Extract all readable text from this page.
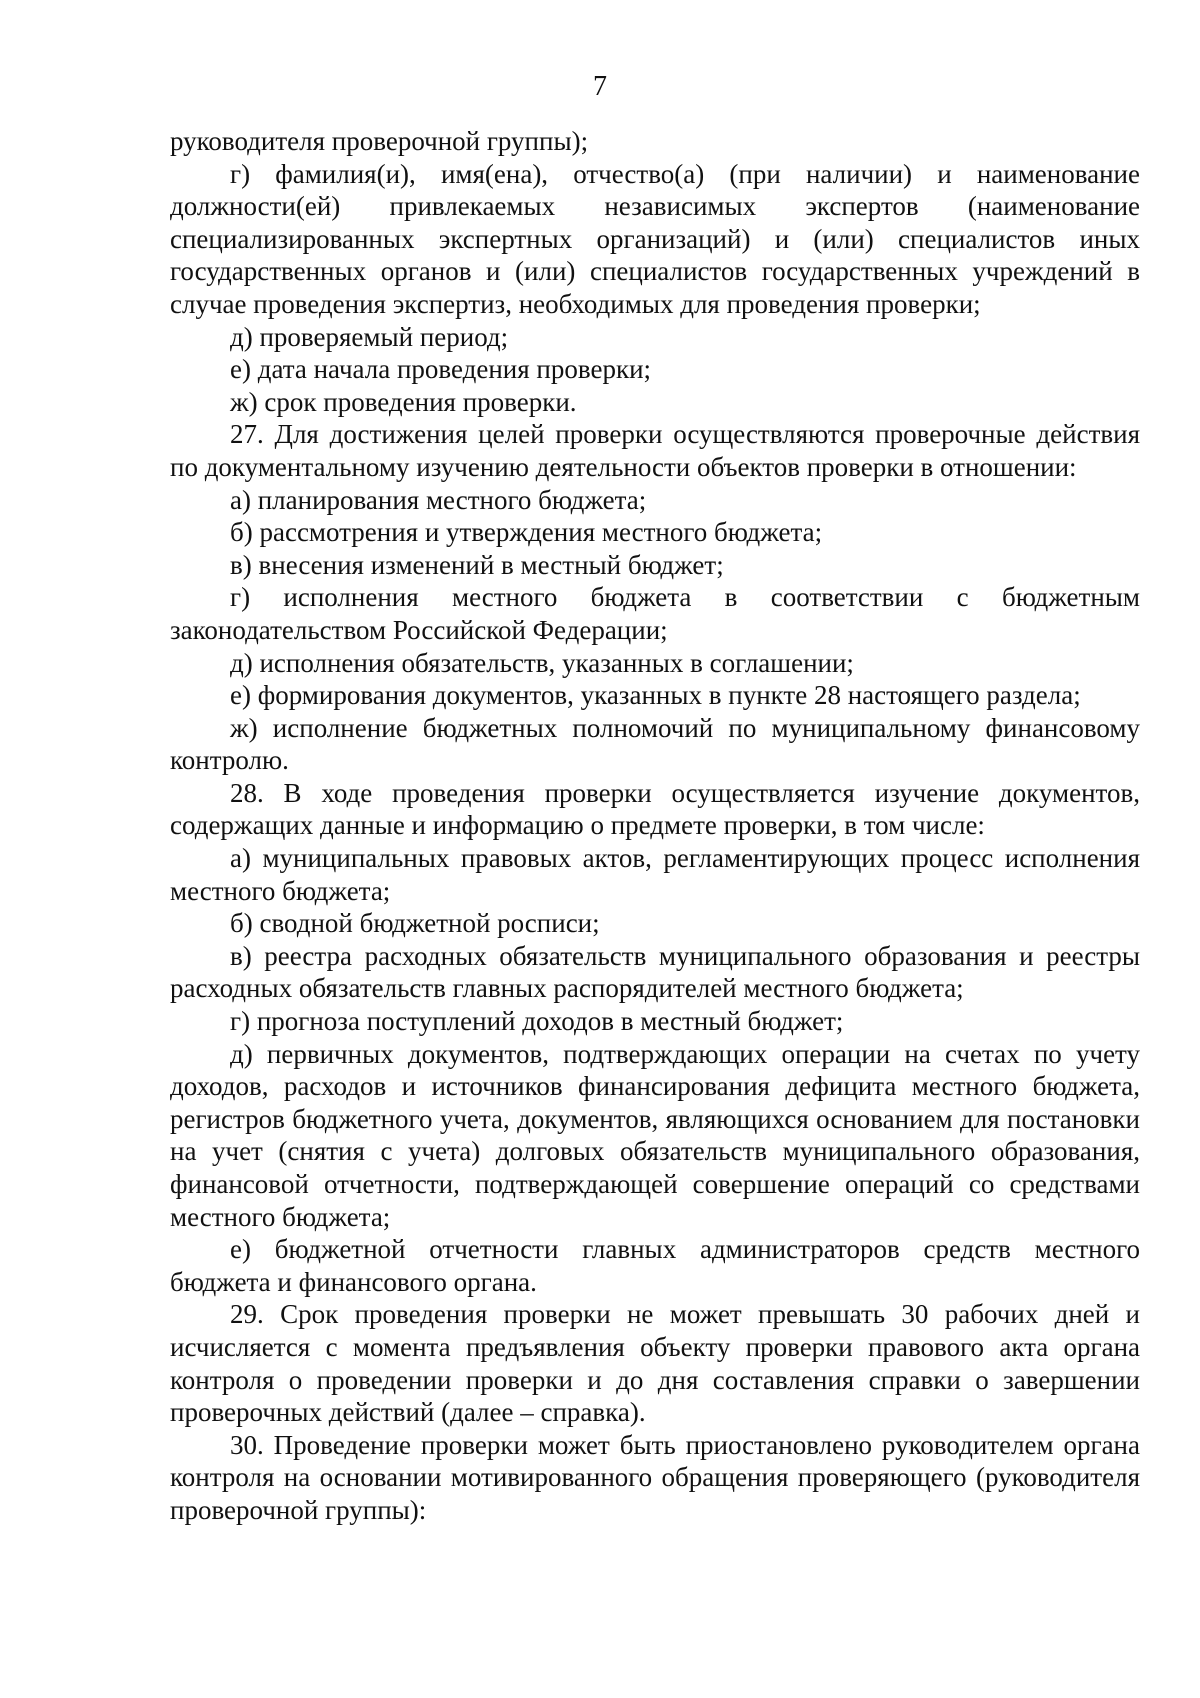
7

руководителя проверочной группы);

г) фамилия(и), имя(ена), отчество(а) (при наличии) и наименование должности(ей) привлекаемых независимых экспертов (наименование специализированных экспертных организаций) и (или) специалистов иных государственных органов и (или) специалистов государственных учреждений в случае проведения экспертиз, необходимых для проведения проверки;

д) проверяемый период;

е) дата начала проведения проверки;

ж) срок проведения проверки.

27. Для достижения целей проверки осуществляются проверочные действия по документальному изучению деятельности объектов проверки в отношении:

а) планирования местного бюджета;

б) рассмотрения и утверждения местного бюджета;

в) внесения изменений в местный бюджет;

г) исполнения местного бюджета в соответствии с бюджетным законодательством Российской Федерации;

д) исполнения обязательств, указанных в соглашении;

е) формирования документов, указанных в пункте 28 настоящего раздела;

ж) исполнение бюджетных полномочий по муниципальному финансовому контролю.

28. В ходе проведения проверки осуществляется изучение документов, содержащих данные и информацию о предмете проверки, в том числе:

а) муниципальных правовых актов, регламентирующих процесс исполнения местного бюджета;

б) сводной бюджетной росписи;

в) реестра расходных обязательств муниципального образования и реестры расходных обязательств главных распорядителей местного бюджета;

г) прогноза поступлений доходов в местный бюджет;

д) первичных документов, подтверждающих операции на счетах по учету доходов, расходов и источников финансирования дефицита местного бюджета, регистров бюджетного учета, документов, являющихся основанием для постановки на учет (снятия с учета) долговых обязательств муниципального образования, финансовой отчетности, подтверждающей совершение операций со средствами местного бюджета;

е) бюджетной отчетности главных администраторов средств местного бюджета и финансового органа.

29. Срок проведения проверки не может превышать 30 рабочих дней и исчисляется с момента предъявления объекту проверки правового акта органа контроля о проведении проверки и до дня составления справки о завершении проверочных действий (далее – справка).

30. Проведение проверки может быть приостановлено руководителем органа контроля на основании мотивированного обращения проверяющего (руководителя проверочной группы):
